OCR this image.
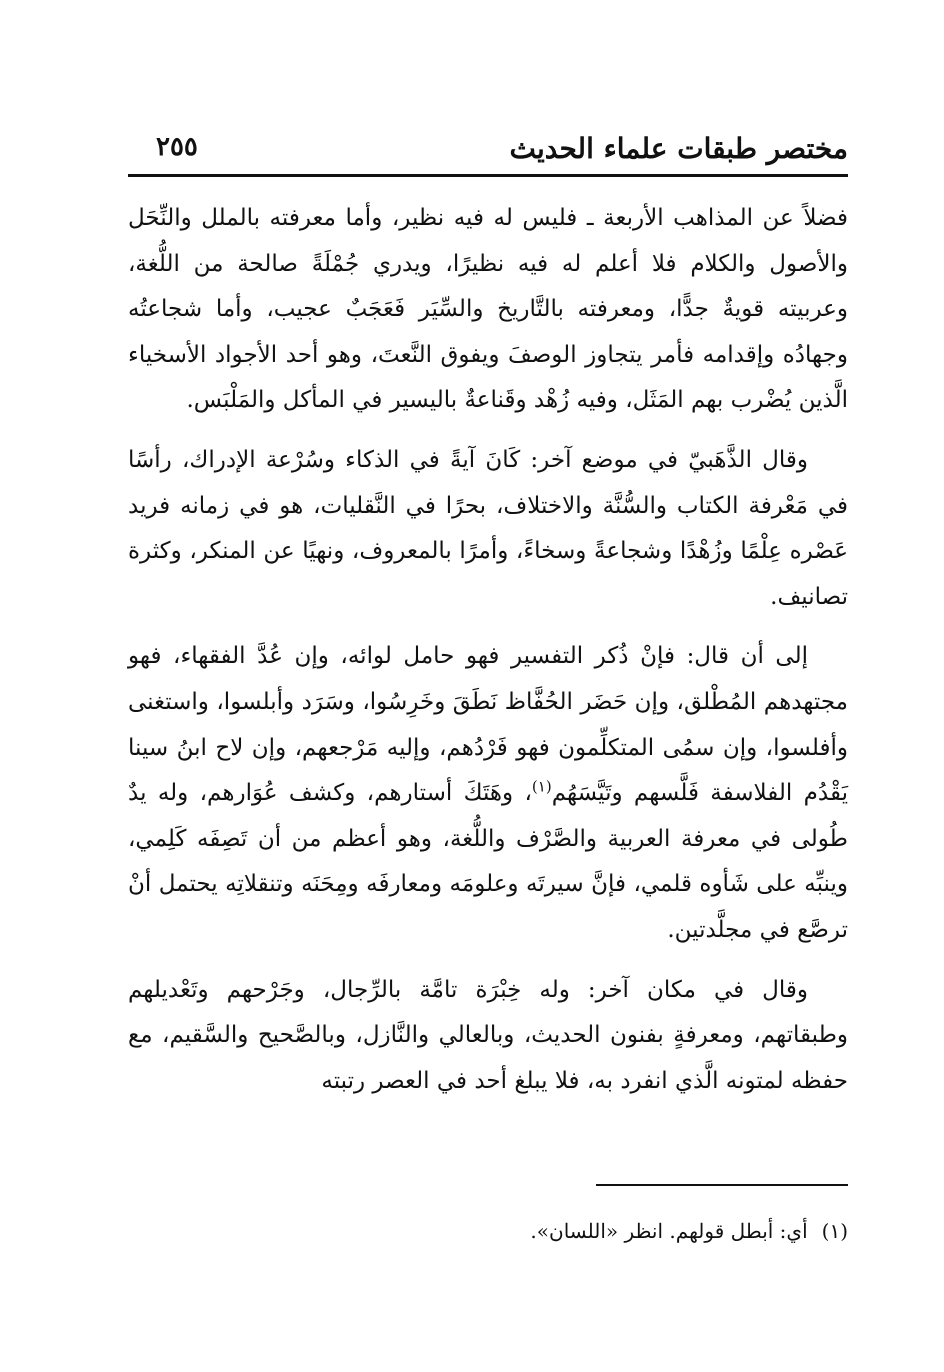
مختصر طبقات علماء الحديث
٢٥٥

فضلاً عن المذاهب الأربعة ـ فليس له فيه نظير، وأما معرفته بالملل والنِّحَل والأصول والكلام فلا أعلم له فيه نظيرًا، ويدري جُمْلَةً صالحة من اللُّغة، وعربيته قويةٌ جدًّا، ومعرفته بالتَّاريخ والسِّيَر فَعَجَبٌ عجيب، وأما شجاعتُه وجهادُه وإقدامه فأمر يتجاوز الوصفَ ويفوق النَّعتَ، وهو أحد الأجواد الأسخياء الَّذين يُضْرب بهم المَثَل، وفيه زُهْد وقَناعةٌ باليسير في المأكل والمَلْبَس.

وقال الذَّهَبيّ في موضع آخر: كَانَ آيةً في الذكاء وسُرْعة الإدراك، رأسًا في مَعْرفة الكتاب والسُّنَّة والاختلاف، بحرًا في النَّقليات، هو في زمانه فريد عَصْره عِلْمًا وزُهْدًا وشجاعةً وسخاءً، وأمرًا بالمعروف، ونهيًا عن المنكر، وكثرة تصانيف.

إلى أن قال: فإنْ ذُكر التفسير فهو حامل لوائه، وإن عُدَّ الفقهاء، فهو مجتهدهم المُطْلق، وإن حَضَر الحُفَّاظ نَطَقَ وخَرِسُوا، وسَرَد وأبلسوا، واستغنى وأفلسوا، وإن سمُى المتكلِّمون فهو فَرْدُهم، وإليه مَرْجعهم، وإن لاح ابنُ سينا يَقْدُم الفلاسفة فَلَّسهم وتَيَّسَهُم$^{(١)}$، وهَتَكَ أستارهم، وكشف عُوَارهم، وله يدٌ طُولى في معرفة العربية والصَّرْف واللُّغة، وهو أعظم من أن تَصِفَه كَلِمي، وينبِّه على شَأوه قلمي، فإنَّ سيرتَه وعلومَه ومعارفَه ومِحَنَه وتنقلاتِه يحتمل أنْ ترصَّع في مجلَّدتين.

وقال في مكان آخر: وله خِبْرَة تامَّة بالرِّجال، وجَرْحهم وتَعْديلهم وطبقاتهم، ومعرفةٍ بفنون الحديث، وبالعالي والنَّازل، وبالصَّحيح والسَّقيم، مع حفظه لمتونه الَّذي انفرد به، فلا يبلغ أحد في العصر رتبته

(١)أي: أبطل قولهم. انظر «اللسان».
